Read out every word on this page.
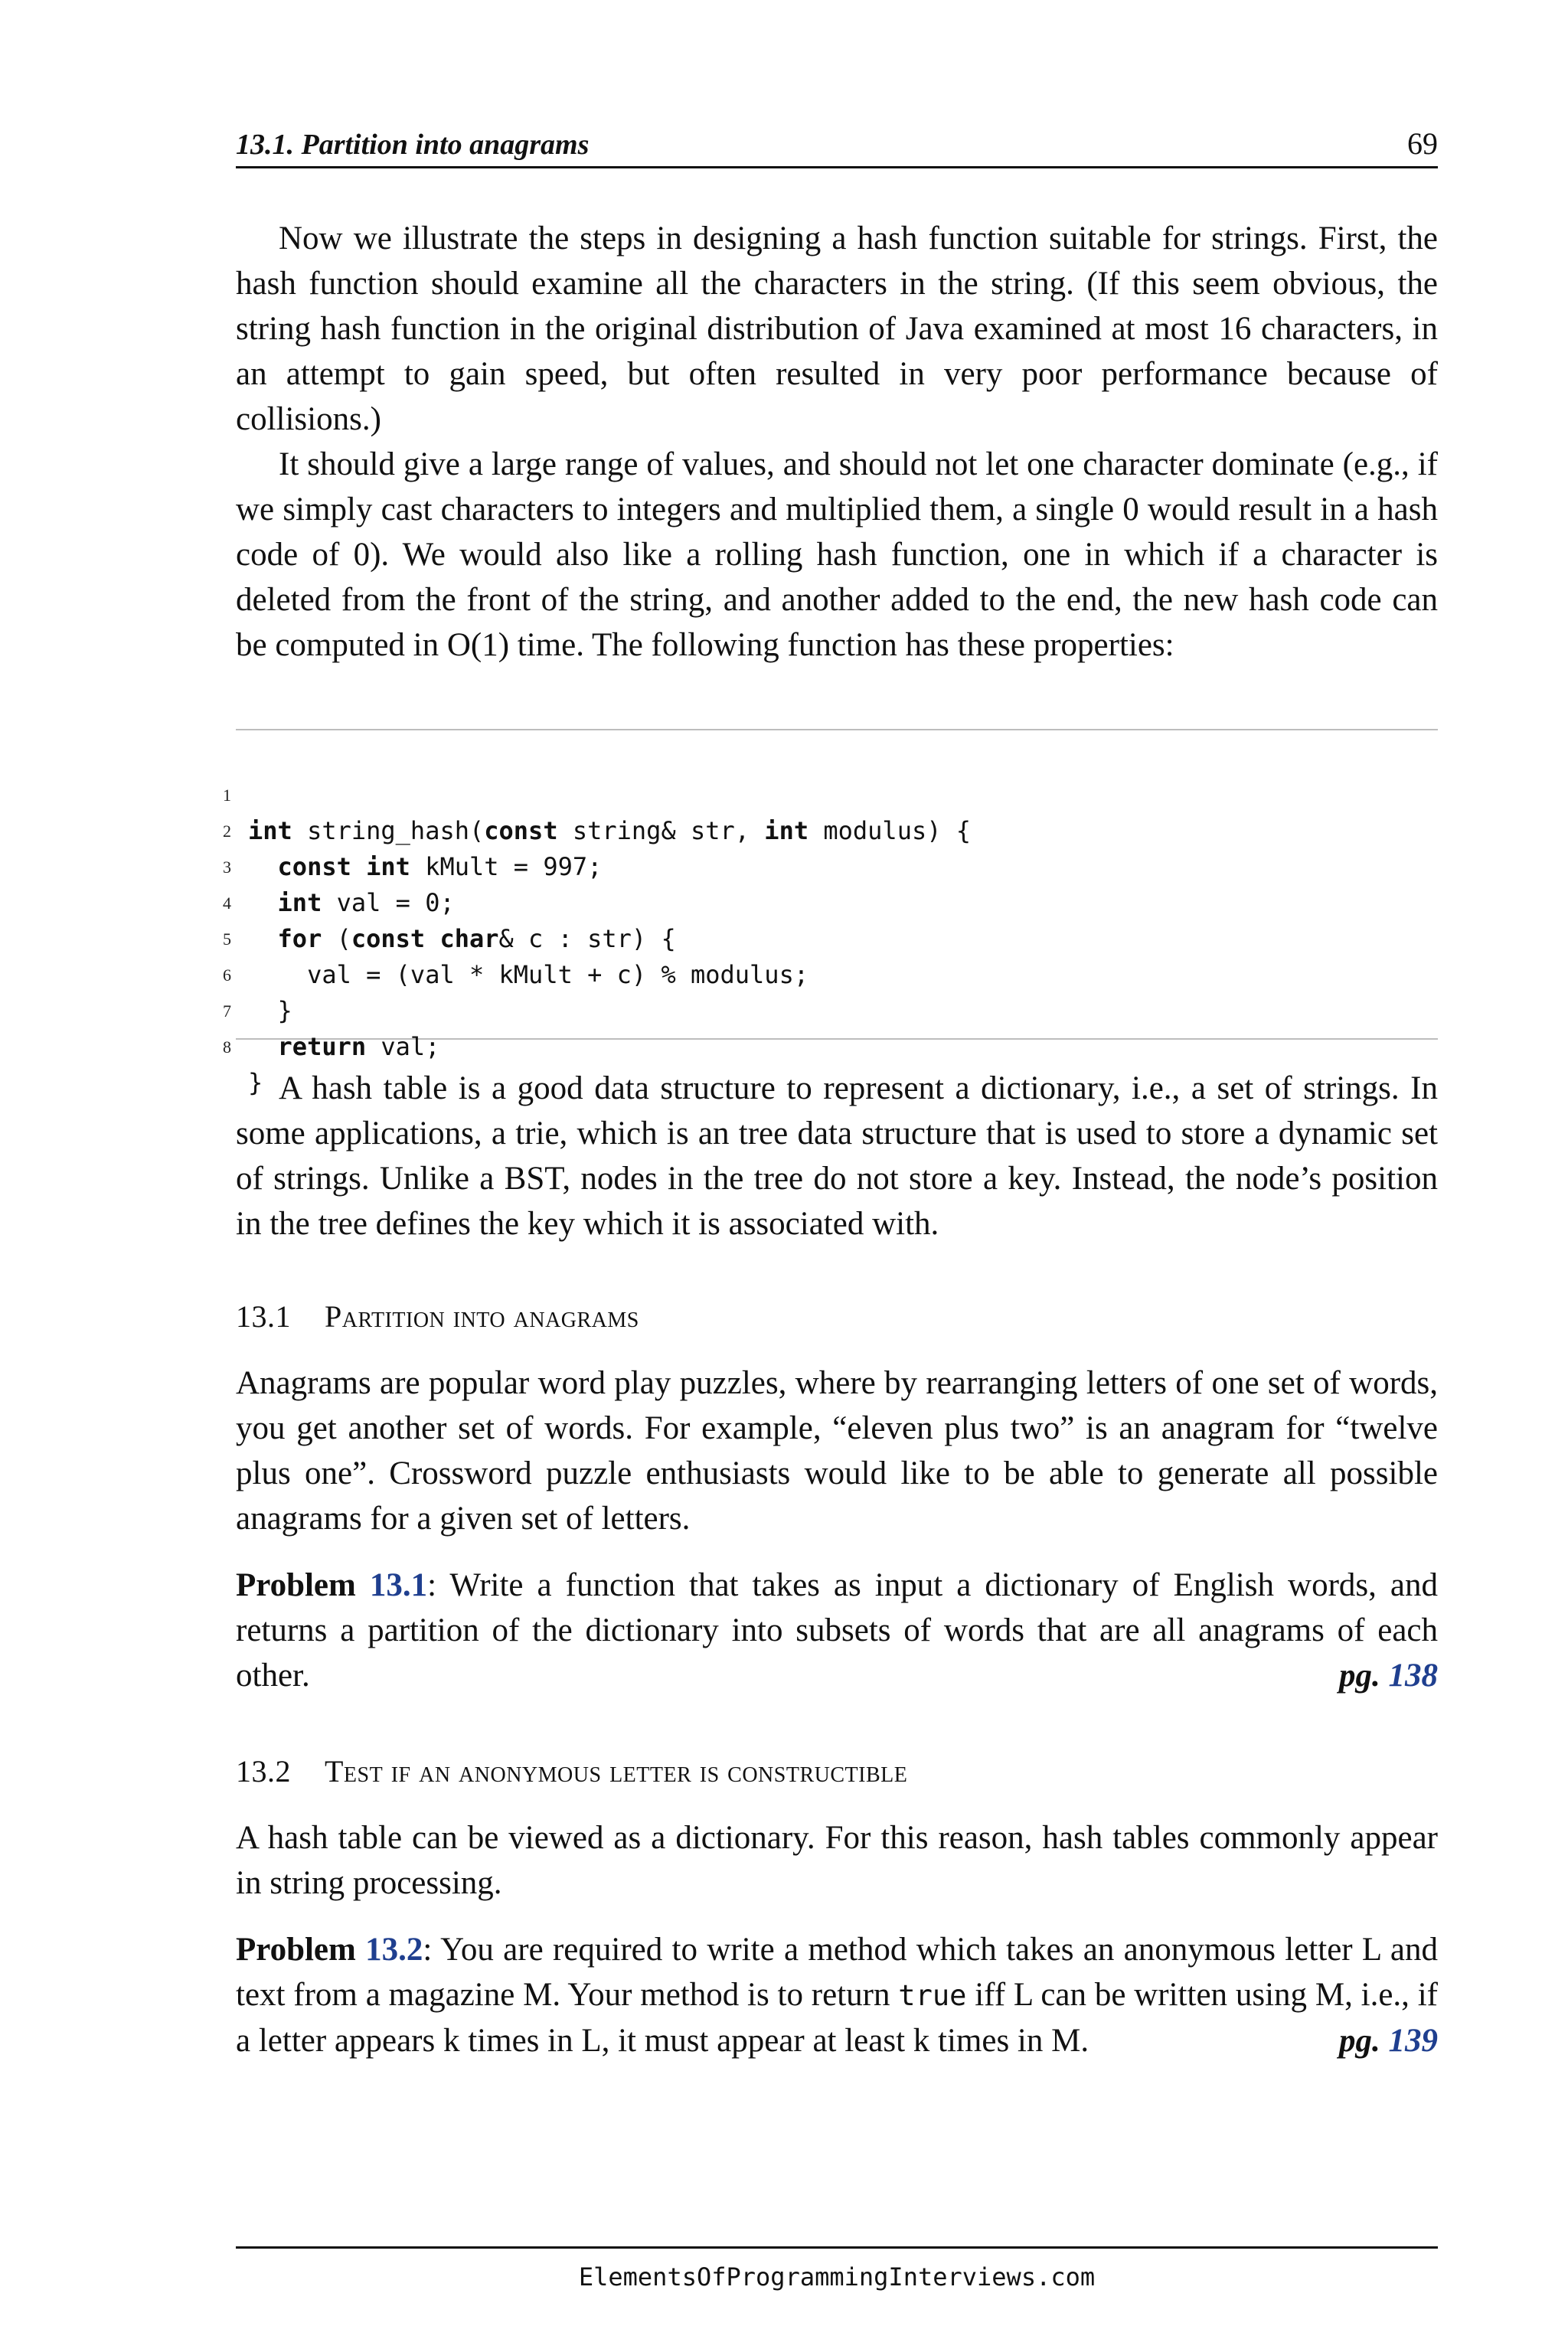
13.1. Partition into anagrams	69

Now we illustrate the steps in designing a hash function suitable for strings. First, the hash function should examine all the characters in the string. (If this seem obvious, the string hash function in the original distribution of Java examined at most 16 characters, in an attempt to gain speed, but often resulted in very poor performance because of collisions.)

It should give a large range of values, and should not let one character dominate (e.g., if we simply cast characters to integers and multiplied them, a single 0 would result in a hash code of 0). We would also like a rolling hash function, one in which if a character is deleted from the front of the string, and another added to the end, the new hash code can be computed in O(1) time. The following function has these properties:

1

int string_hash(const string& str, int modulus) {

2

const int kMult = 997;

3

int val = 0;

4

for (const char& c : str) {

5

val = (val * kMult + c) % modulus;

6

}

7

return val;

8

}

A hash table is a good data structure to represent a dictionary, i.e., a set of strings. In some applications, a trie, which is an tree data structure that is used to store a dynamic set of strings. Unlike a BST, nodes in the tree do not store a key. Instead, the node’s position in the tree defines the key which it is associated with.

13.1 Partition into anagrams

Anagrams are popular word play puzzles, where by rearranging letters of one set of words, you get another set of words. For example, “eleven plus two” is an anagram for “twelve plus one”. Crossword puzzle enthusiasts would like to be able to generate all possible anagrams for a given set of letters.

Problem 13.1: Write a function that takes as input a dictionary of English words, and returns a partition of the dictionary into subsets of words that are all anagrams of each other.	pg. 138

13.2 Test if an anonymous letter is constructible

A hash table can be viewed as a dictionary. For this reason, hash tables commonly appear in string processing.

Problem 13.2: You are required to write a method which takes an anonymous letter L and text from a magazine M. Your method is to return true iff L can be written using M, i.e., if a letter appears k times in L, it must appear at least k times in M.	pg. 139

ElementsOfProgrammingInterviews.com
